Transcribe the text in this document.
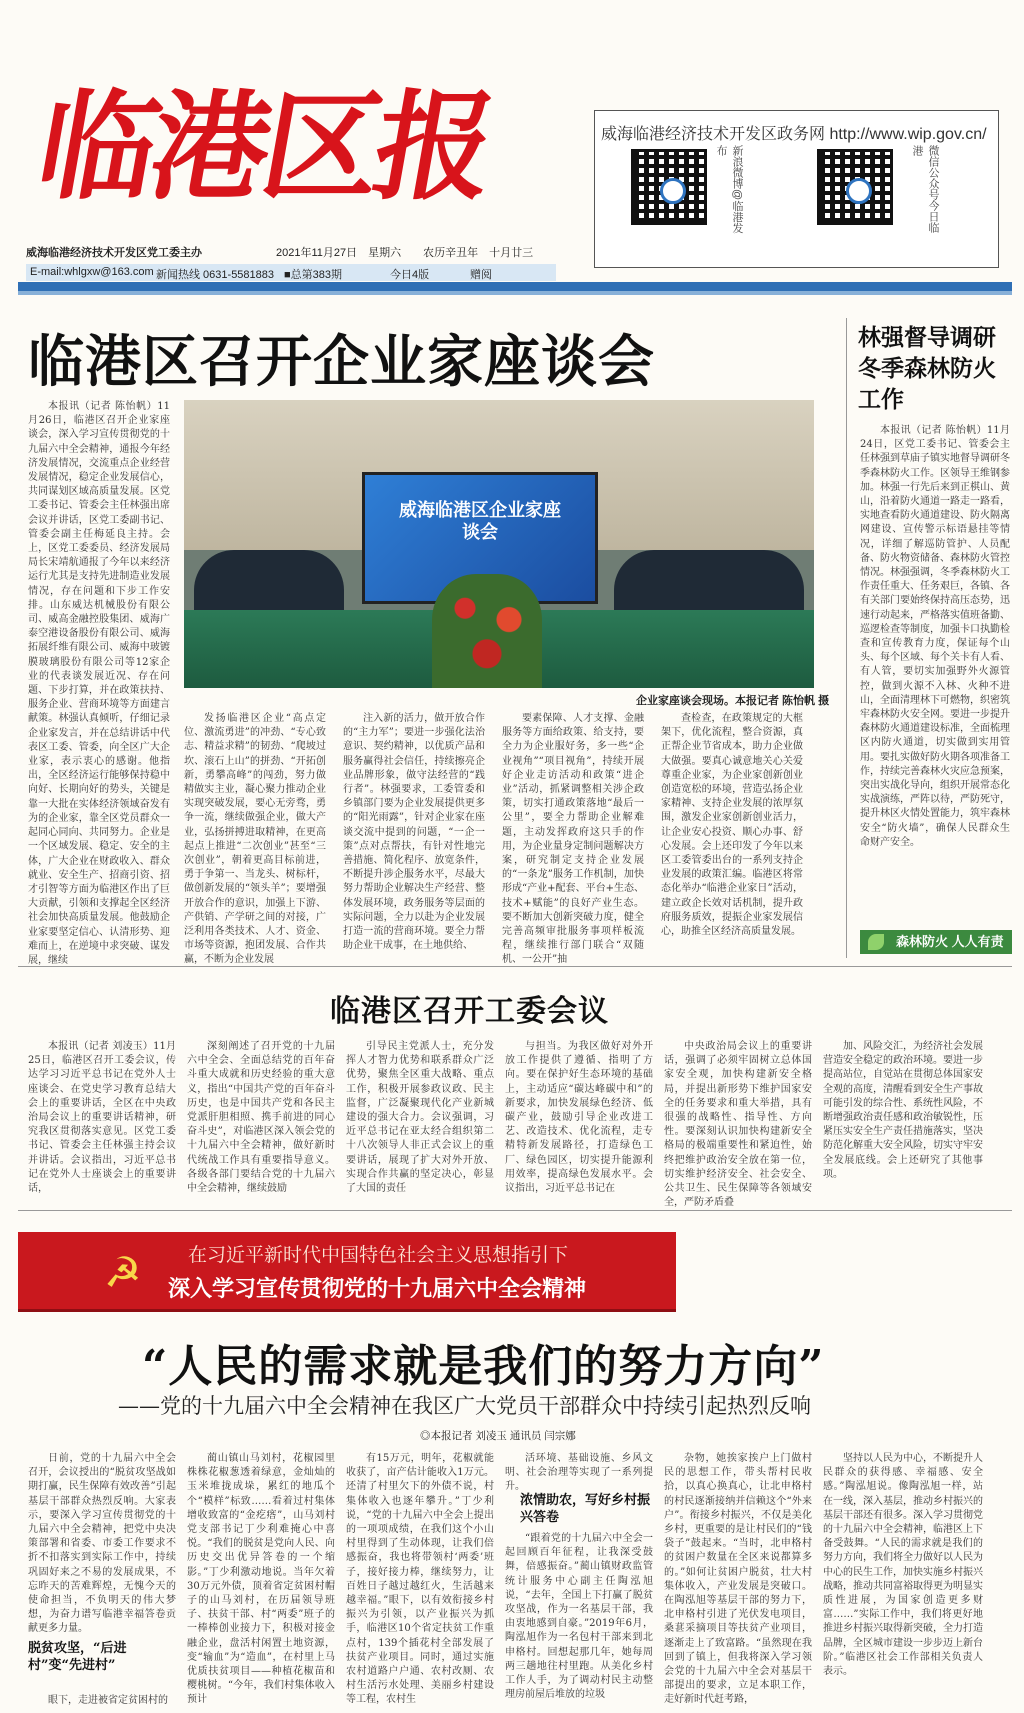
临港区报	威海临港经济技术开发区政务网 http://www.wip.gov.cn/
新浪微博@临港发布	微信公众号今日临港
威海临港经济技术开发区党工委主办	2021年11月27日　星期六　　农历辛丑年　十月廿三
E-mail:whlgxw@163.com 新闻热线 0631-5581883 ■总第383期	今日4版	赠阅
临港区召开企业家座谈会
威海临港区企业家座谈会
企业家座谈会现场。本报记者 陈怡帆 摄

本报讯（记者 陈怡帆）11月26日，临港区召开企业家座谈会，深入学习宣传贯彻党的十九届六中全会精神，通报今年经济发展情况，交流重点企业经营发展情况，稳定企业发展信心，共同谋划区域高质量发展。区党工委书记、管委会主任林强出席会议并讲话，区党工委副书记、管委会副主任梅延良主持。会上，区党工委委员、经济发展局局长宋靖航通报了今年以来经济运行尤其是支持先进制造业发展情况，存在问题和下步工作安排。山东威达机械股份有限公司、威高金融控股集团、威海广泰空港设备股份有限公司、威海拓展纤维有限公司、威海中玻镀膜玻璃股份有限公司等12家企业的代表谈发展近况、存在问题、下步打算，并在政策扶持、服务企业、营商环境等方面建言献策。林强认真倾听，仔细记录企业家发言，并在总结讲话中代表区工委、管委，向全区广大企业家，表示衷心的感谢。他指出，全区经济运行能够保持稳中向好、长期向好的势头，关键是靠一大批在实体经济领域奋发有为的企业家，靠全区党员群众一起同心同向、共同努力。企业是一个区域发展、稳定、安全的主体，广大企业在财政收入、群众就业、安全生产、招商引资、招才引智等方面为临港区作出了巨大贡献，引领和支撑起全区经济社会加快高质量发展。他鼓励企业家要坚定信心、认清形势、迎难而上，在逆境中求突破、谋发展，继续

发扬临港区企业“高点定位、激流勇进”的冲劲、“专心致志、精益求精”的韧劲、“爬坡过坎、滚石上山”的拼劲、“开拓创新，勇攀高峰”的闯劲，努力做精做实主业，凝心聚力推动企业实现突破发展，要心无旁骛，勇争一流，继续做强企业，做大产业，弘扬拼搏进取精神，在更高起点上推进“二次创业”甚至“三次创业”，朝着更高目标前进，勇于争第一、当龙头、树标杆，做创新发展的“领头羊”；要增强开放合作的意识，加强上下游、产供销、产学研之间的对接，广泛利用各类技术、人才、资金、市场等资源，抱团发展、合作共赢，不断为企业发展

注入新的活力，做开放合作的“主力军”；要进一步强化法治意识、契约精神，以优质产品和服务赢得社会信任，持续擦亮企业品牌形象，做守法经营的“践行者”。林强要求，工委管委和乡镇部门要为企业发展提供更多的“阳光雨露”，针对企业家在座谈交流中提到的问题，“一企一策”点对点帮扶，有针对性地完善措施、简化程序、放宽条件，不断提升涉企服务水平，尽最大努力帮助企业解决生产经营、整体发展环境，政务服务等层面的实际问题，全力以赴为企业发展打造一流的营商环境。要全力帮助企业干成事，在土地供给、

要素保障、人才支撑、金融服务等方面给政策、给支持，要全力为企业服好务，多一些“企业视角”“项目视角”，持续开展好企业走访活动和政策“进企业”活动，抓紧调整相关涉企政策，切实打通政策落地“最后一公里”，要全力帮助企业解难题，主动发挥政府这只手的作用，为企业量身定制问题解决方案，研究制定支持企业发展的“一条龙”服务工作机制，加快形成“产业+配套、平台+生态、技术+赋能”的良好产业生态。要不断加大创新突破力度，健全完善高频审批服务事项样板流程，继续推行部门联合“双随机、一公开”抽

查检查，在政策规定的大框架下，优化流程，整合资源，真正帮企业节省成本，助力企业做大做强。要真心诚意地关心关爱尊重企业家，为企业家创新创业创造宽松的环境，营造弘扬企业家精神、支持企业发展的浓厚氛围，激发企业家创新创业活力，让企业安心投资、顺心办事、舒心发展。会上还印发了今年以来区工委管委出台的一系列支持企业发展的政策汇编。临港区将常态化举办“临港企业家日”活动，建立政企长效对话机制，提升政府服务质效，提振企业家发展信心，助推全区经济高质量发展。

林强督导调研冬季森林防火工作

本报讯（记者 陈怡帆）11月24日，区党工委书记、管委会主任林强到草庙子镇实地督导调研冬季森林防火工作。区领导王维钢参加。林强一行先后来到正棋山、黄山，沿着防火通道一路走一路看，实地查看防火通道建设、防火隔离网建设、宣传警示标语悬挂等情况，详细了解巡防管护、人员配备、防火物资储备、森林防火管控情况。林强强调，冬季森林防火工作责任重大、任务艰巨，各镇、各有关部门要始终保持高压态势，迅速行动起来，严格落实值班备勤、巡逻检查等制度，加强卡口执勤检查和宣传教育力度，保证每个山头、每个区域、每个关卡有人看、有人管，要切实加强野外火源管控，做到火源不入林、火种不进山，全面清理林下可燃物，织密筑牢森林防火安全网。要进一步提升森林防火通道建设标准，全面梳理区内防火通道，切实做到实用管用。要扎实做好防火期各项准备工作，持续完善森林火灾应急预案，突出实战化导向，组织开展常态化实战演练，严阵以待，严防死守，提升林区火情处置能力，筑牢森林安全“防火墙”，确保人民群众生命财产安全。

森林防火 人人有责
临港区召开工委会议

本报讯（记者 刘凌玉）11月25日，临港区召开工委会议，传达学习习近平总书记在党外人士座谈会、在党史学习教育总结大会上的重要讲话，全区在中央政治局会议上的重要讲话精神，研究我区贯彻落实意见。区党工委书记、管委会主任林强主持会议并讲话。会议指出，习近平总书记在党外人士座谈会上的重要讲话，

深刻阐述了召开党的十九届六中全会、全面总结党的百年奋斗重大成就和历史经验的重大意义，指出“中国共产党的百年奋斗历史，也是中国共产党和各民主党派肝胆相照、携手前进的同心奋斗史”，对临港区深入领会党的十九届六中全会精神，做好新时代统战工作具有重要指导意义。各级各部门要结合党的十九届六中全会精神，继续鼓励

引导民主党派人士，充分发挥人才智力优势和联系群众广泛优势，聚焦全区重大战略、重点工作，积极开展参政议政、民主监督，广泛凝聚现代化产业新城建设的强大合力。会议强调，习近平总书记在亚太经合组织第二十八次领导人非正式会议上的重要讲话，展现了扩大对外开放、实现合作共赢的坚定决心，彰显了大国的责任

与担当。为我区做好对外开放工作提供了遵循、指明了方向。要在保护好生态环境的基础上，主动适应“碳达峰碳中和”的新要求，加快发展绿色经济、低碳产业，鼓励引导企业改进工艺、改造技术、优化流程，走专精特新发展路径，打造绿色工厂、绿色园区，切实提升能源利用效率，提高绿色发展水平。会议指出，习近平总书记在

中央政治局会议上的重要讲话，强调了必须牢固树立总体国家安全观，加快构建新安全格局，并提出新形势下维护国家安全的任务要求和重大举措，具有很强的战略性、指导性、方向性。要深刻认识加快构建新安全格局的极端重要性和紧迫性，始终把维护政治安全放在第一位，切实维护经济安全、社会安全、公共卫生、民生保障等各领域安全，严防矛盾叠

加、风险交汇，为经济社会发展营造安全稳定的政治环境。要进一步提高站位，自觉站在贯彻总体国家安全观的高度，清醒看到安全生产事故可能引发的综合性、系统性风险，不断增强政治责任感和政治敏锐性，压紧压实安全生产责任措施落实，坚决防范化解重大安全风险，切实守牢安全发展底线。会上还研究了其他事项。

☭ 在习近平新时代中国特色社会主义思想指引下
深入学习宣传贯彻党的十九届六中全会精神
“人民的需求就是我们的努力方向”
——党的十九届六中全会精神在我区广大党员干部群众中持续引起热烈反响
◎本报记者 刘凌玉 通讯员 闫宗娜

日前，党的十九届六中全会召开，会议授出的“脱贫攻坚战如期打赢，民生保障有效改善”引起基层干部群众热烈反响。大家表示，要深入学习宣传贯彻党的十九届六中全会精神，把党中央决策部署和省委、市委工作要求不折不扣落实到实际工作中，持续巩固好来之不易的发展成果，不忘昨天的苦难辉煌，无愧今天的使命担当，不负明天的伟大梦想，为奋力谱写临港幸福答卷贡献更多力量。

脱贫攻坚，“后进村”变“先进村”

眼下，走进被省定贫困村的

蔺山镇山马刘村，花椒园里株株花椒葱透着绿意，金灿灿的玉米堆拢成垛，累红的地瓜个个“模样”标致……看着过村集体增收致富的“金疙瘩”，山马刘村党支部书记丁少利难掩心中喜悦。“我们的脱贫是党向人民、向历史交出优异答卷的一个缩影。”丁少利激动地说。当年欠着30万元外债，顶着省定贫困村帽子的山马刘村，在历届领导班子、扶贫干部、村“两委”班子的一棒棒创业接力下，积极对接金融企业，盘活村闲置土地资源，变“输血”为“造血”，在村里上马优质扶贫项目——种植花椒苗和樱桃树。“今年，我们村集体收入预计

有15万元，明年，花椒就能收获了，亩产估计能收入1万元。还清了村里欠下的外债不说，村集体收入也逐年攀升。”丁少利说，“党的十九届六中全会上提出的一项项成绩，在我们这个小山村里得到了生动体现，让我们倍感振奋，我也将带领村‘两委’班子，接好接力棒，继续努力，让百姓日子越过越红火，生活越来越幸福。”眼下，以有效衔接乡村振兴为引领，以产业振兴为抓手，临港区10个省定扶贫工作重点村，139个插花村全部发展了扶贫产业项目。同时，通过实施农村道路户户通、农村改厕、农村生活污水处理、美丽乡村建设等工程，农村生

活环境、基础设施、乡风文明、社会治理等实现了一系列提升。

浓情助农，写好乡村振兴答卷

“跟着党的十九届六中全会一起回顾百年征程，让我深受鼓舞，倍感振奋。”蔺山镇财政监管统计服务中心副主任陶泓旭说，“去年，全国上下打赢了脱贫攻坚战，作为一名基层干部，我由衷地感到自豪。”2019年6月，陶泓旭作为一名包村干部来到北申格村。回想起那几年，她每周两三趟地往村里跑。从美化乡村工作人手，为了调动村民主动整理房前屋后堆放的垃圾

杂物，她挨家挨户上门做村民的思想工作，带头帮村民收拾，以真心换真心，让北申格村的村民逐渐接纳并信赖这个“外来户”。衔接乡村振兴，不仅是美化乡村，更重要的是让村民们的“钱袋子”鼓起来。“当时，北申格村的贫困户数量在全区来说都算多的。”如何让贫困户脱贫，壮大村集体收入，产业发展是突破口。在陶泓旭等基层干部的努力下，北申格村引进了光伏发电项目，桑葚采摘项目等扶贫产业项目，逐渐走上了致富路。“虽然现在我回到了镇上，但我将深入学习领会党的十九届六中全会对基层干部提出的要求，立足本职工作，走好新时代赶考路，

坚持以人民为中心，不断提升人民群众的获得感、幸福感、安全感。”陶泓旭说。像陶泓旭一样，站在一线，深入基层，推动乡村振兴的基层干部还有很多。深入学习贯彻党的十九届六中全会精神，临港区上下备受鼓舞。“人民的需求就是我们的努力方向，我们将全力做好以人民为中心的民生工作，加快实施乡村振兴战略，推动共同富裕取得更为明显实质性进展，为国家创造更多财富……”实际工作中，我们将更好地推进乡村振兴取得新突破，全力打造品牌，全区城市建设一步步迈上新台阶。”临港区社会工作部相关负责人表示。
